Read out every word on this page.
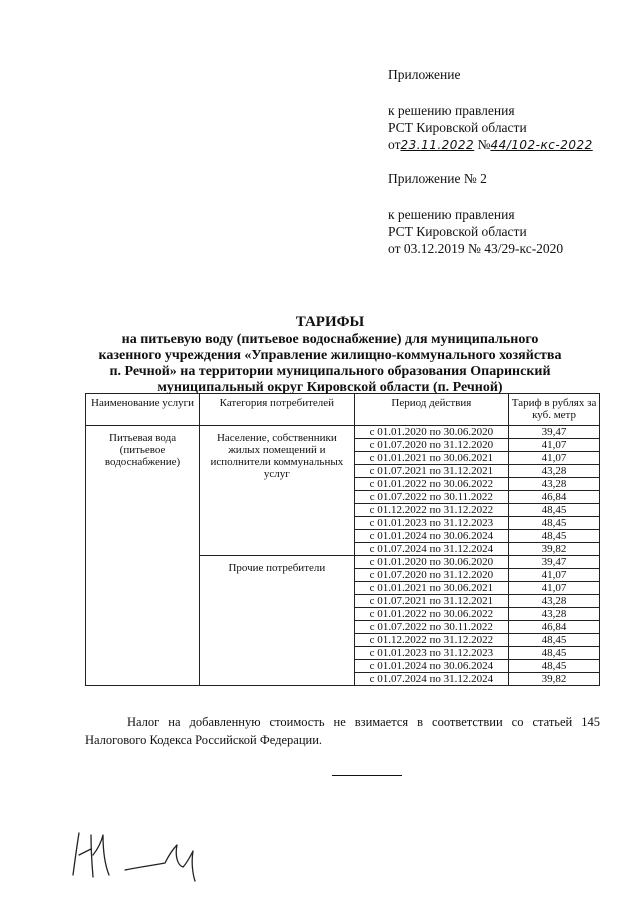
Приложение
к решению правления
РСТ Кировской области
от23.11.2022 №44/102-кс-2022
Приложение № 2
к решению правления
РСТ Кировской области
от 03.12.2019 № 43/29-кс-2020
ТАРИФЫ
на питьевую воду (питьевое водоснабжение) для муниципального
казенного учреждения «Управление жилищно-коммунального хозяйства
п. Речной» на территории муниципального образования Опаринский
муниципальный округ Кировской области (п. Речной)
Наименование услуги	Категория потребителей	Период действия	Тариф в рублях за куб. метр
Питьевая вода (питьевое водоснабжение)	Население, собственники жилых помещений и исполнители коммунальных услуг	с 01.01.2020 по 30.06.2020	39,47
		с 01.07.2020 по 31.12.2020	41,07
		с 01.01.2021 по 30.06.2021	41,07
		с 01.07.2021 по 31.12.2021	43,28
		с 01.01.2022 по 30.06.2022	43,28
		с 01.07.2022 по 30.11.2022	46,84
		с 01.12.2022 по 31.12.2022	48,45
		с 01.01.2023 по 31.12.2023	48,45
		с 01.01.2024 по 30.06.2024	48,45
		с 01.07.2024 по 31.12.2024	39,82
	Прочие потребители	с 01.01.2020 по 30.06.2020	39,47
		с 01.07.2020 по 31.12.2020	41,07
		с 01.01.2021 по 30.06.2021	41,07
		с 01.07.2021 по 31.12.2021	43,28
		с 01.01.2022 по 30.06.2022	43,28
		с 01.07.2022 по 30.11.2022	46,84
		с 01.12.2022 по 31.12.2022	48,45
		с 01.01.2023 по 31.12.2023	48,45
		с 01.01.2024 по 30.06.2024	48,45
		с 01.07.2024 по 31.12.2024	39,82
Налог на добавленную стоимость не взимается в соответствии со статьей 145 Налогового Кодекса Российской Федерации.
